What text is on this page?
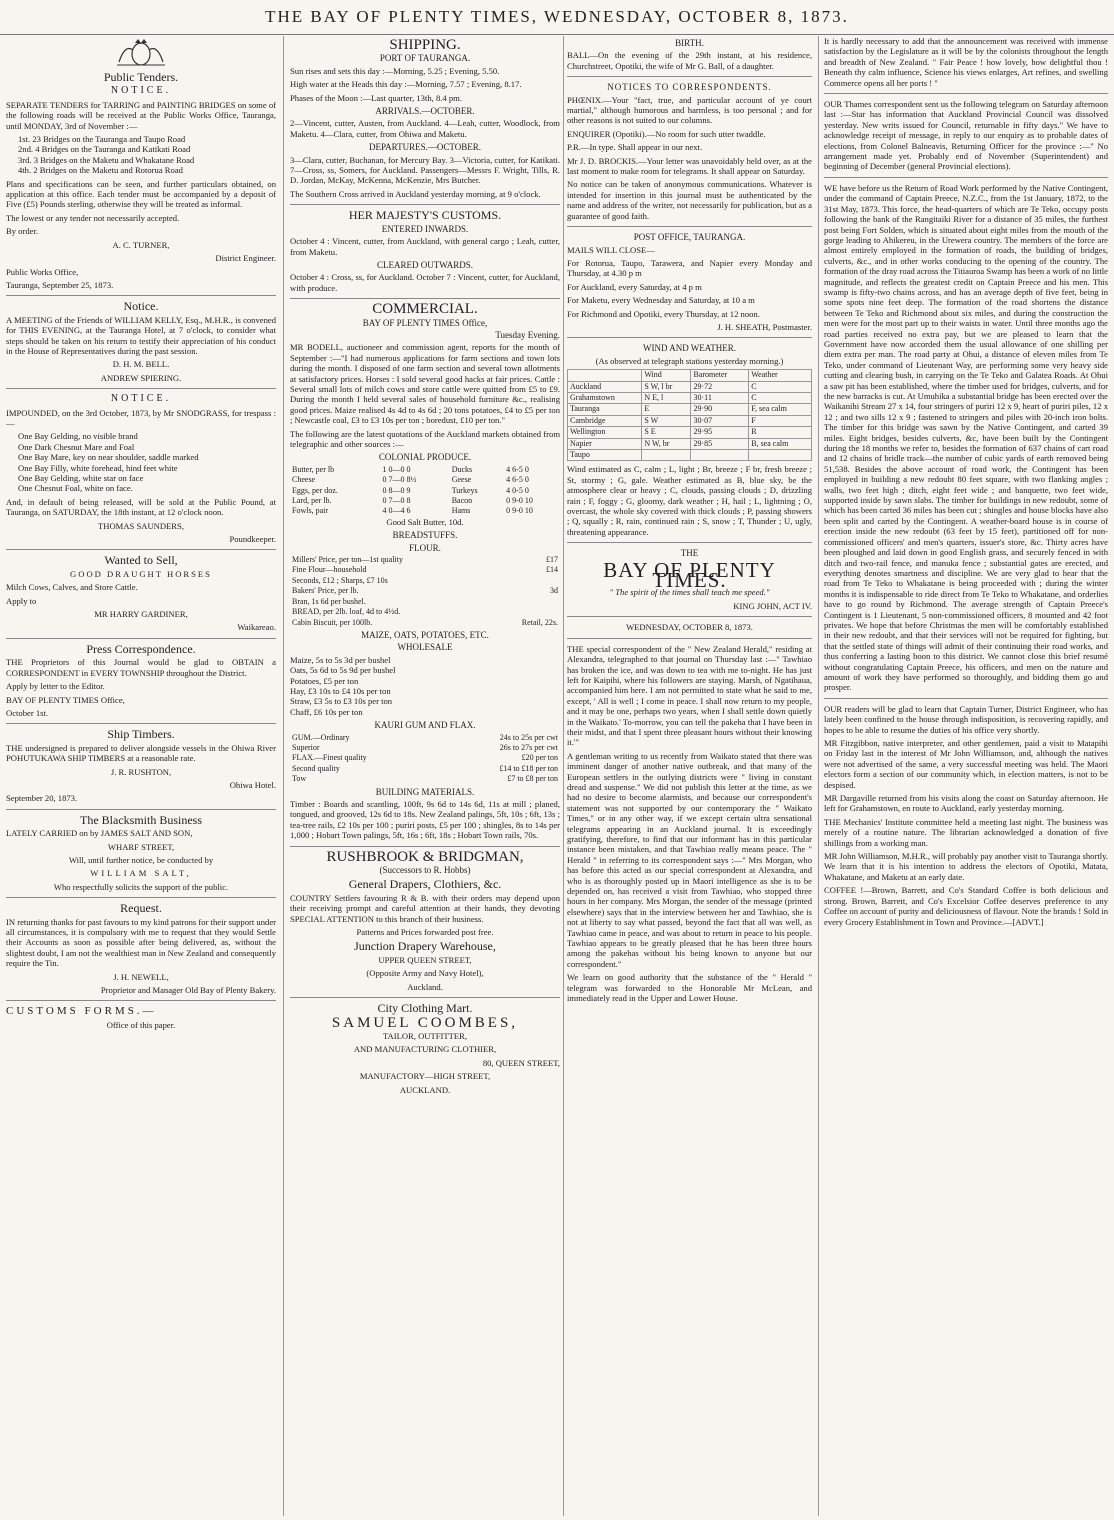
THE BAY OF PLENTY TIMES, WEDNESDAY, OCTOBER 8, 1873.
Public Tenders.
NOTICE.

SEPARATE TENDERS for TARRING and PAINTING BRIDGES on some of the following roads will be received at the Public Works Office, Tauranga, until MONDAY, 3rd of November :—

1st. 23 Bridges on the Tauranga and Taupo Road
2nd. 4 Bridges on the Tauranga and Katikati Road
3rd. 3 Bridges on the Maketu and Whakatane Road
4th. 2 Bridges on the Maketu and Rotorua Road

Plans and specifications can be seen, and further particulars obtained, on application at this office. Each tender must be accompanied by a deposit of Five (£5) Pounds sterling, otherwise they will be treated as informal.

The lowest or any tender not necessarily accepted.

By order.

A. C. TURNER,

District Engineer.

Public Works Office,

Tauranga, September 25, 1873.

Notice.

A MEETING of the Friends of WILLIAM KELLY, Esq., M.H.R., is convened for THIS EVENING, at the Tauranga Hotel, at 7 o'clock, to consider what steps should be taken on his return to testify their appreciation of his conduct in the House of Representatives during the past session.

D. H. M. BELL.

ANDREW SPIERING.

NOTICE.

IMPOUNDED, on the 3rd October, 1873, by Mr SNODGRASS, for trespass :—

One Bay Gelding, no visible brand
One Dark Chesnut Mare and Foal
One Bay Mare, key on near shoulder, saddle marked
One Bay Filly, white forehead, hind feet white
One Bay Gelding, white star on face
One Chesnut Foal, white on face.

And, in default of being released, will be sold at the Public Pound, at Tauranga, on SATURDAY, the 18th instant, at 12 o'clock noon.

THOMAS SAUNDERS,

Poundkeeper.

Wanted to Sell,

GOOD DRAUGHT HORSES

Milch Cows, Calves, and Store Cattle.

Apply to

MR HARRY GARDINER,

Waikareao.

Press Correspondence.

THE Proprietors of this Journal would be glad to OBTAIN a CORRESPONDENT in EVERY TOWNSHIP throughout the District.

Apply by letter to the Editor.

BAY OF PLENTY TIMES Office,

October 1st.

Ship Timbers.

THE undersigned is prepared to deliver alongside vessels in the Ohiwa River POHUTUKAWA SHIP TIMBERS at a reasonable rate.

J. R. RUSHTON,

Ohiwa Hotel.

September 20, 1873.

The Blacksmith Business

LATELY CARRIED on by JAMES SALT AND SON,

WHARF STREET,

Will, until further notice, be conducted by

WILLIAM SALT,

Who respectfully solicits the support of the public.

Request.

IN returning thanks for past favours to my kind patrons for their support under all circumstances, it is compulsory with me to request that they would Settle their Accounts as soon as possible after being delivered, as, without the slightest doubt, I am not the wealthiest man in New Zealand and consequently require the Tin.

J. H. NEWELL,

Proprietor and Manager Old Bay of Plenty Bakery.

CUSTOMS FORMS.—

Office of this paper.

SHIPPING.
PORT OF TAURANGA.

Sun rises and sets this day :—Morning, 5.25 ; Evening, 5.50.

High water at the Heads this day :—Morning, 7.57 ; Evening, 8.17.

Phases of the Moon :—Last quarter, 13th, 8.4 pm.

ARRIVALS.—OCTOBER.

2—Vincent, cutter, Austen, from Auckland. 4—Leah, cutter, Woodlock, from Maketu. 4—Clara, cutter, from Ohiwa and Maketu.

DEPARTURES.—OCTOBER.

3—Clara, cutter, Buchanan, for Mercury Bay. 3—Victoria, cutter, for Katikati. 7—Cross, ss, Somers, for Auckland. Passengers—Messrs F. Wright, Tills, R. D. Jordan, McKay, McKenna, McKenzie, Mrs Butcher.

The Southern Cross arrived in Auckland yesterday morning, at 9 o'clock.

HER MAJESTY'S CUSTOMS.
ENTERED INWARDS.

October 4 : Vincent, cutter, from Auckland, with general cargo ; Leah, cutter, from Maketu.

CLEARED OUTWARDS.

October 4 : Cross, ss, for Auckland. October 7 : Vincent, cutter, for Auckland, with produce.

COMMERCIAL.
BAY OF PLENTY TIMES Office,
Tuesday Evening.

MR BODELL, auctioneer and commission agent, reports for the month of September :—"I had numerous applications for farm sections and town lots during the month. I disposed of one farm section and several town allotments at satisfactory prices. Horses : I sold several good hacks at fair prices. Cattle : Several small lots of milch cows and store cattle were quitted from £5 to £9. During the month I held several sales of household furniture &c., realising good prices. Maize realised 4s 4d to 4s 6d ; 20 tons potatoes, £4 to £5 per ton ; Newcastle coal, £3 to £3 10s per ton ; boredust, £10 per ton."

The following are the latest quotations of the Auckland markets obtained from telegraphic and other sources :—

COLONIAL PRODUCE.
Butter, per lb	1 0—0 0	Ducks	4 6-5 0
Cheese	0 7—0 8½	Geese	4 6-5 0
Eggs, per doz.	0 8—0 9	Turkeys	4 0-5 0
Lard, per lb.	0 7—0 8	Bacon	0 9-0 10
Fowls, pair	4 0—4 6	Hams	0 9-0 10

Good Salt Butter, 10d.

BREADSTUFFS.
FLOUR.
Millers' Price, per ton—1st quality	£17
Fine Flour—household	£14
Seconds, £12 ; Sharps, £7 10s	
Bakers' Price, per lb.	3d
Bran, 1s 6d per bushel.	
BREAD, per 2lb. loaf, 4d to 4½d.	
Cabin Biscuit, per 100lb.	Retail, 22s.
MAIZE, OATS, POTATOES, ETC.
WHOLESALE
Maize, 5s to 5s 3d per bushel
Oats, 5s 6d to 5s 9d per bushel
Potatoes, £5 per ton
Hay, £3 10s to £4 10s per ton
Straw, £3 5s to £3 10s per ton
Chaff, £6 10s per ton
KAURI GUM AND FLAX.
GUM.—Ordinary	24s to 25s per cwt
Superior	26s to 27s per cwt
FLAX.—Finest quality	£20 per ton
Second quality	£14 to £18 per ton
Tow	£7 to £8 per ton
BUILDING MATERIALS.

Timber : Boards and scantling, 100ft, 9s 6d to 14s 6d, 11s at mill ; planed, tongued, and grooved, 12s 6d to 18s. New Zealand palings, 5ft, 10s ; 6ft, 13s ; tea-tree rails, £2 10s per 100 ; puriri posts, £5 per 100 ; shingles, 8s to 14s per 1,000 ; Hobart Town palings, 5ft, 16s ; 6ft, 18s ; Hobart Town rails, 70s.

RUSHBROOK & BRIDGMAN,
(Successors to R. Hobbs)
General Drapers, Clothiers, &c.

COUNTRY Settlers favouring R & B. with their orders may depend upon their receiving prompt and careful attention at their hands, they devoting SPECIAL ATTENTION to this branch of their business.

Patterns and Prices forwarded post free.

Junction Drapery Warehouse,

UPPER QUEEN STREET,

(Opposite Army and Navy Hotel),

Auckland.

City Clothing Mart.
SAMUEL COOMBES,

TAILOR, OUTFITTER,

AND MANUFACTURING CLOTHIER,

80, QUEEN STREET,

MANUFACTORY—HIGH STREET,

AUCKLAND.

BIRTH.

BALL—On the evening of the 29th instant, at his residence, Churchstreet, Opotiki, the wife of Mr G. Ball, of a daughter.

NOTICES TO CORRESPONDENTS.

PHŒNIX.—Your "fact, true, and particular account of ye court martial," although humorous and harmless, is too personal ; and for other reasons is not suited to our columns.

ENQUIRER (Opotiki).—No room for such utter twaddle.

P.R.—In type. Shall appear in our next.

Mr J. D. BROCKIS.—Your letter was unavoidably held over, as at the last moment to make room for telegrams. It shall appear on Saturday.

No notice can be taken of anonymous communications. Whatever is intended for insertion in this journal must be authenticated by the name and address of the writer, not necessarily for publication, but as a guarantee of good faith.

POST OFFICE, TAURANGA.

MAILS WILL CLOSE—

For Rotorua, Taupo, Tarawera, and Napier every Monday and Thursday, at 4.30 p m

For Auckland, every Saturday, at 4 p m

For Maketu, every Wednesday and Saturday, at 10 a m

For Richmond and Opotiki, every Thursday, at 12 noon.

J. H. SHEATH, Postmaster.

WIND AND WEATHER.

(As observed at telegraph stations yesterday morning.)

	Wind	Barometer	Weather
Auckland	S W, l br	29·72	C
Grahamstown	N E, l	30·11	C
Tauranga	E	29·90	F, sea calm
Cambridge	S W	30·07	F
Wellington	S E	29·95	R
Napier	N W, br	29·85	B, sea calm
Taupo			

Wind estimated as C, calm ; L, light ; Br, breeze ; F br, fresh breeze ; St, stormy ; G, gale. Weather estimated as B, blue sky, be the atmosphere clear or heavy ; C, clouds, passing clouds ; D, drizzling rain ; F, foggy ; G, gloomy, dark weather ; H, hail ; L, lightning ; O, overcast, the whole sky covered with thick clouds ; P, passing showers ; Q, squally ; R, rain, continued rain ; S, snow ; T, Thunder ; U, ugly, threatening appearance.

THE
BAY OF PLENTY TIMES.

" The spirit of the times shall teach me speed."

KING JOHN, ACT IV.

WEDNESDAY, OCTOBER 8, 1873.

THE special correspondent of the " New Zealand Herald," residing at Alexandra, telegraphed to that journal on Thursday last :—" Tawhiao has broken the ice, and was down to tea with me to-night. He has just left for Kaipihi, where his followers are staying. Marsh, of Ngatihaua, accompanied him here. I am not permitted to state what he said to me, except, ' All is well ; I come in peace. I shall now return to my people, and it may be one, perhaps two years, when I shall settle down quietly in the Waikato.' To-morrow, you can tell the pakeha that I have been in their midst, and that I spent three pleasant hours without their knowing it.'"

A gentleman writing to us recently from Waikato stated that there was imminent danger of another native outbreak, and that many of the European settlers in the outlying districts were " living in constant dread and suspense." We did not publish this letter at the time, as we had no desire to become alarmists, and because our correspondent's statement was not supported by our contemporary the " Waikato Times," or in any other way, if we except certain ultra sensational telegrams appearing in an Auckland journal. It is exceedingly gratifying, therefore, to find that our informant has in this particular instance been mistaken, and that Tawhiao really means peace. The " Herald " in referring to its correspondent says :—" Mrs Morgan, who has before this acted as our special correspondent at Alexandra, and who is as thoroughly posted up in Maori intelligence as she is to be depended on, has received a visit from Tawhiao, who stopped three hours in her company. Mrs Morgan, the sender of the message (printed elsewhere) says that in the interview between her and Tawhiao, she is not at liberty to say what passed, beyond the fact that all was well, as Tawhiao came in peace, and was about to return in peace to his people. Tawhiao appears to be greatly pleased that he has been three hours among the pakehas without his being known to anyone but our correspondent."

We learn on good authority that the substance of the " Herald " telegram was forwarded to the Honorable Mr McLean, and immediately read in the Upper and Lower House.

It is hardly necessary to add that the announcement was received with immense satisfaction by the Legislature as it will be by the colonists throughout the length and breadth of New Zealand. " Fair Peace ! how lovely, how delightful thou ! Beneath thy calm influence, Science his views enlarges, Art refines, and swelling Commerce opens all her ports ! "

OUR Thames correspondent sent us the following telegram on Saturday afternoon last :—Star has information that Auckland Provincial Council was dissolved yesterday. New writs issued for Council, returnable in fifty days." We have to acknowledge receipt of message, in reply to our enquiry as to probable dates of elections, from Colonel Balneavis, Returning Officer for the province :—" No arrangement made yet. Probably end of November (Superintendent) and beginning of December (general Provincial elections).

WE have before us the Return of Road Work performed by the Native Contingent, under the command of Captain Preece, N.Z.C., from the 1st January, 1872, to the 31st May, 1873. This force, the head-quarters of which are Te Teko, occupy posts following the bank of the Rangitaiki River for a distance of 35 miles, the furthest post being Fort Solden, which is situated about eight miles from the mouth of the gorge leading to Ahikereu, in the Urewera country. The members of the force are almost entirely employed in the formation of roads, the building of bridges, culverts, &c., and in other works conducing to the opening of the country. The formation of the dray road across the Titiauroa Swamp has been a work of no little magnitude, and reflects the greatest credit on Captain Preece and his men. This swamp is fifty-two chains across, and has an average depth of five feet, being in some spots nine feet deep. The formation of the road shortens the distance between Te Teko and Richmond about six miles, and during the construction the men were for the most part up to their waists in water. Until three months ago the road parties received no extra pay, but we are pleased to learn that the Government have now accorded them the usual allowance of one shilling per diem extra per man. The road party at Ohui, a distance of eleven miles from Te Teko, under command of Lieutenant Way, are performing some very heavy side cutting and clearing bush, in carrying on the Te Teko and Galatea Roads. At Ohui a saw pit has been established, where the timber used for bridges, culverts, and for the new barracks is cut. At Umuhika a substantial bridge has been erected over the Waikanihi Stream 27 x 14, four stringers of puriri 12 x 9, heart of puriri piles, 12 x 12 ; and two sills 12 x 9 ; fastened to stringers and piles with 20-inch iron bolts. The timber for this bridge was sawn by the Native Contingent, and carted 39 miles. Eight bridges, besides culverts, &c, have been built by the Contingent during the 18 months we refer to, besides the formation of 637 chains of cart road and 12 chains of bridle track—the number of cubic yards of earth removed being 51,538. Besides the above account of road work, the Contingent has been employed in building a new redoubt 80 feet square, with two flanking angles ; walls, two feet high ; ditch, eight feet wide ; and banquette, two feet wide, supported inside by sawn slabs. The timber for buildings in new redoubt, some of which has been carted 36 miles has been cut ; shingles and house blocks have also been split and carted by the Contingent. A weather-board house is in course of erection inside the new redoubt (63 feet by 15 feet), partitioned off for non-commissioned officers' and men's quarters, issuer's store, &c. Thirty acres have been ploughed and laid down in good English grass, and securely fenced in with ditch and two-rail fence, and manuka fence ; substantial gates are erected, and everything denotes smartness and discipline. We are very glad to hear that the road from Te Teko to Whakatane is being proceeded with ; during the winter months it is indispensable to ride direct from Te Teko to Whakatane, and orderlies have to go round by Richmond. The average strength of Captain Preece's Contingent is 1 Lieutenant, 5 non-commissioned officers, 8 mounted and 42 foot privates. We hope that before Christmas the men will be comfortably established in their new redoubt, and that their services will not be required for fighting, but that the settled state of things will admit of their continuing their road works, and thus conferring a lasting boon to this district. We cannot close this brief resumé without congratulating Captain Preece, his officers, and men on the nature and amount of work they have performed so thoroughly, and bidding them go and prosper.

OUR readers will be glad to learn that Captain Turner, District Engineer, who has lately been confined to the house through indisposition, is recovering rapidly, and hopes to be able to resume the duties of his office very shortly.

MR Fitzgibbon, native interpreter, and other gentlemen, paid a visit to Matapihi on Friday last in the interest of Mr John Williamson, and, although the natives were not advertised of the same, a very successful meeting was held. The Maori electors form a section of our community which, in election matters, is not to be despised.

MR Dargaville returned from his visits along the coast on Saturday afternoon. He left for Grahamstown, en route to Auckland, early yesterday morning.

THE Mechanics' Institute committee held a meeting last night. The business was merely of a routine nature. The librarian acknowledged a donation of five shillings from a working man.

MR John Williamson, M.H.R., will probably pay another visit to Tauranga shortly. We learn that it is his intention to address the electors of Opotiki, Matata, Whakatane, and Maketu at an early date.

COFFEE !—Brown, Barrett, and Co's Standard Coffee is both delicious and strong. Brown, Barrett, and Co's Excelsior Coffee deserves preference to any Coffee on account of purity and deliciousness of flavour. Note the brands ! Sold in every Grocery Establishment in Town and Province.—[ADVT.]
